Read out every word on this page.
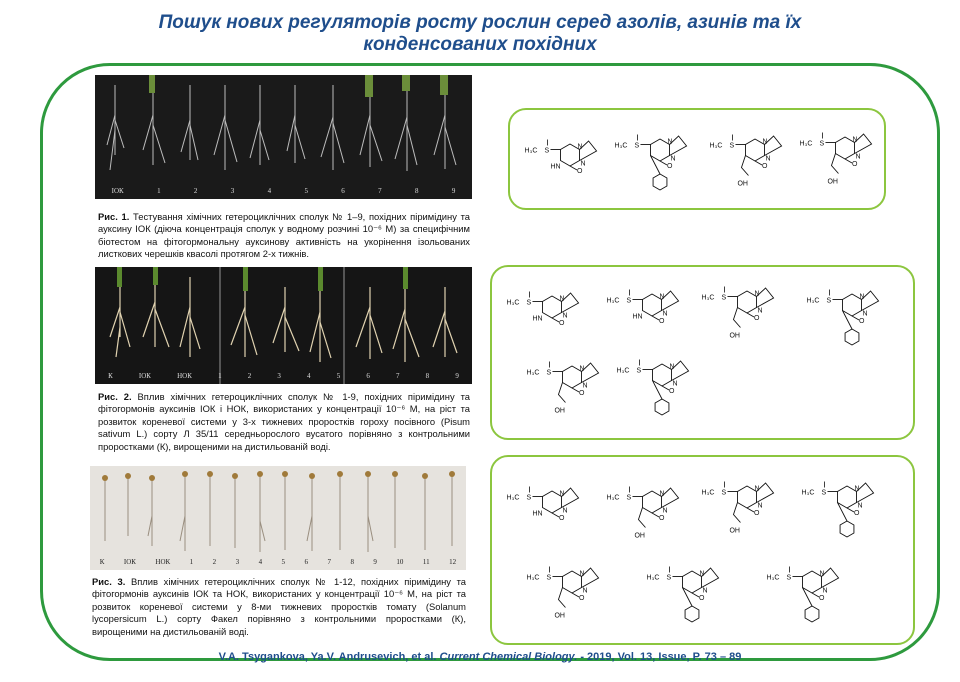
Пошук нових регуляторів росту рослин серед азолів, азинів та їх
конденсованих похідних
ІОК	1	2	3	4	5	6	7	8	9
Рис. 1. Тестування хімічних гетероциклічних сполук № 1–9, похідних піримідину та ауксину ІОК (діюча концентрація сполук у водному розчині 10⁻⁶ М) за специфічним біотестом на фітогормональну ауксинову активність на укорінення ізольованих листкових черешків квасолі протягом 2-х тижнів.
К	ІОК	НОК	1	2	3	4	5	6	7	8	9
Рис. 2. Вплив хімічних гетероциклічних сполук № 1-9, похідних піримідину та фітогормонів ауксинів ІОК і НОК, використаних у концентрації 10⁻⁶ М, на ріст та розвиток кореневої системи у 3-х тижневих проростків гороху посівного (Pisum sativum L.) сорту Л 35/11 середньорослого вусатого порівняно з контрольними проростками (К), вирощеними на дистильованій воді.
К	ІОК	НОК	1	2	3	4	5	6	7	8	9	10	11	12
Рис. 3. Вплив хімічних гетероциклічних сполук № 1-12, похідних піримідину та фітогормонів ауксинів ІОК та НОК, використаних у концентрації 10⁻⁶ М, на ріст та розвиток кореневої системи у 8-ми тижневих проростків томату (Solanum lycopersicum L.) сорту Факел порівняно з контрольними проростками (К), вирощеними на дистильованій воді.
N
N
O
S
H₃C
HN
N
N
O
S
H₃C
N
N
O
S
H₃C
OH
N
N
O
S
H₃C
OH
N
N
O
S
H₃C
HN
N
N
O
S
H₃C
HN
N
N
O
S
H₃C
OH
N
N
O
S
H₃C
N
N
O
S
H₃C
OH
N
N
O
S
H₃C
N
N
O
S
H₃C
HN
N
N
O
S
H₃C
OH
N
N
O
S
H₃C
OH
N
N
O
S
H₃C
N
N
O
S
H₃C
OH
N
N
O
S
H₃C
N
N
O
S
H₃C
V.A. Tsygankova, Ya.V. Andrusevich, et al. Current Chemical Biology. - 2019, Vol. 13, Issue, P. 73 – 89
